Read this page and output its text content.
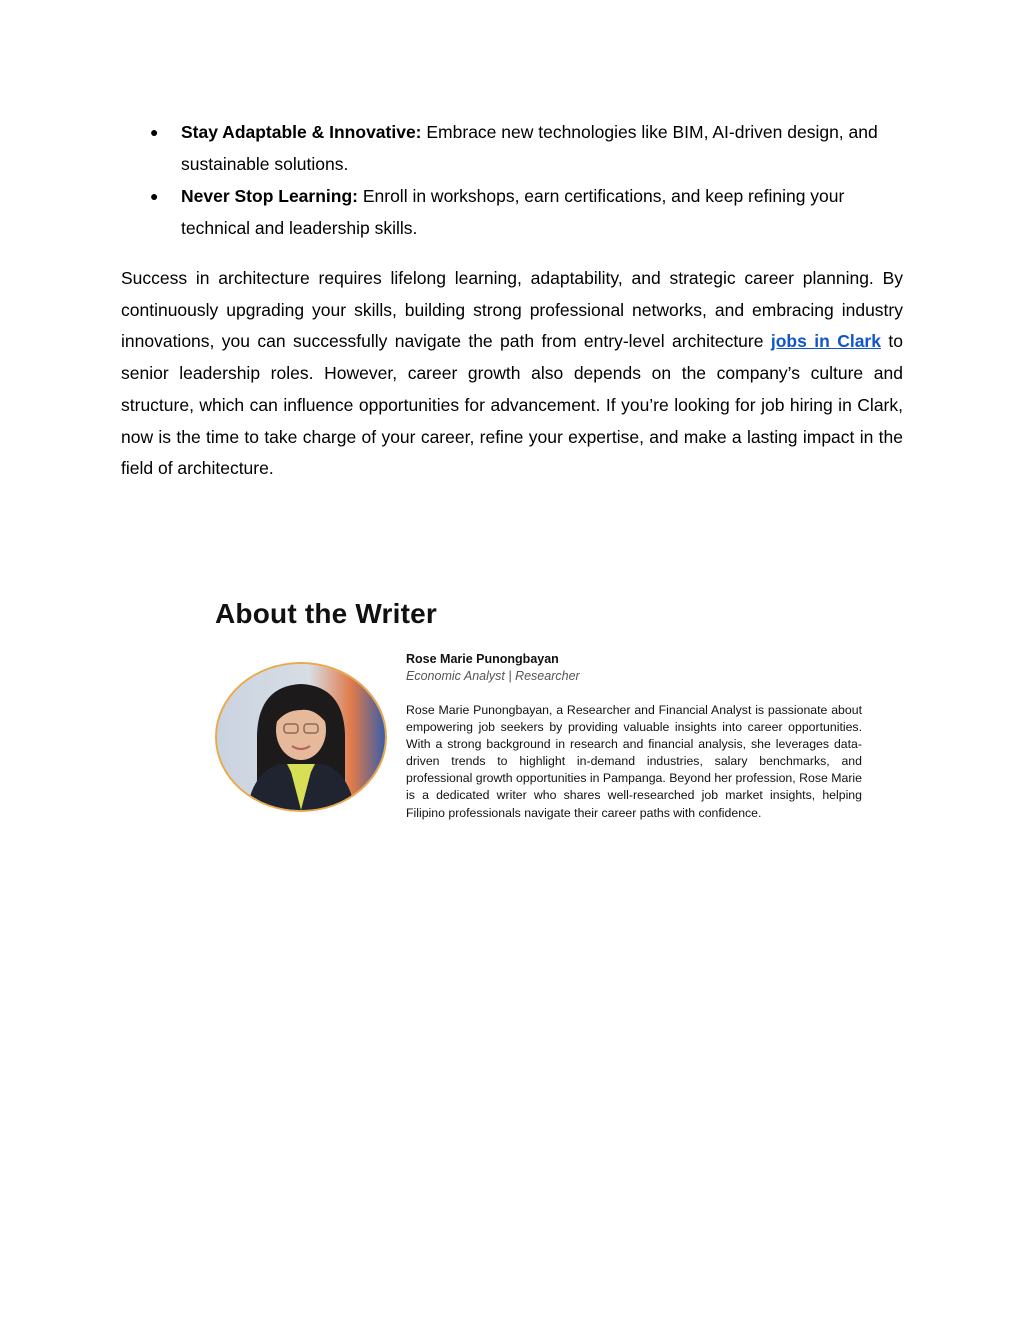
● Stay Adaptable & Innovative: Embrace new technologies like BIM, AI-driven design, and sustainable solutions.
● Never Stop Learning: Enroll in workshops, earn certifications, and keep refining your technical and leadership skills.

Success in architecture requires lifelong learning, adaptability, and strategic career planning. By continuously upgrading your skills, building strong professional networks, and embracing industry innovations, you can successfully navigate the path from entry-level architecture jobs in Clark to senior leadership roles. However, career growth also depends on the company’s culture and structure, which can influence opportunities for advancement. If you’re looking for job hiring in Clark, now is the time to take charge of your career, refine your expertise, and make a lasting impact in the field of architecture.

About the Writer

Rose Marie Punongbayan

Economic Analyst | Researcher

Rose Marie Punongbayan, a Researcher and Financial Analyst is passionate about empowering job seekers by providing valuable insights into career opportunities. With a strong background in research and financial analysis, she leverages data-driven trends to highlight in-demand industries, salary benchmarks, and professional growth opportunities in Pampanga. Beyond her profession, Rose Marie is a dedicated writer who shares well-researched job market insights, helping Filipino professionals navigate their career paths with confidence.
